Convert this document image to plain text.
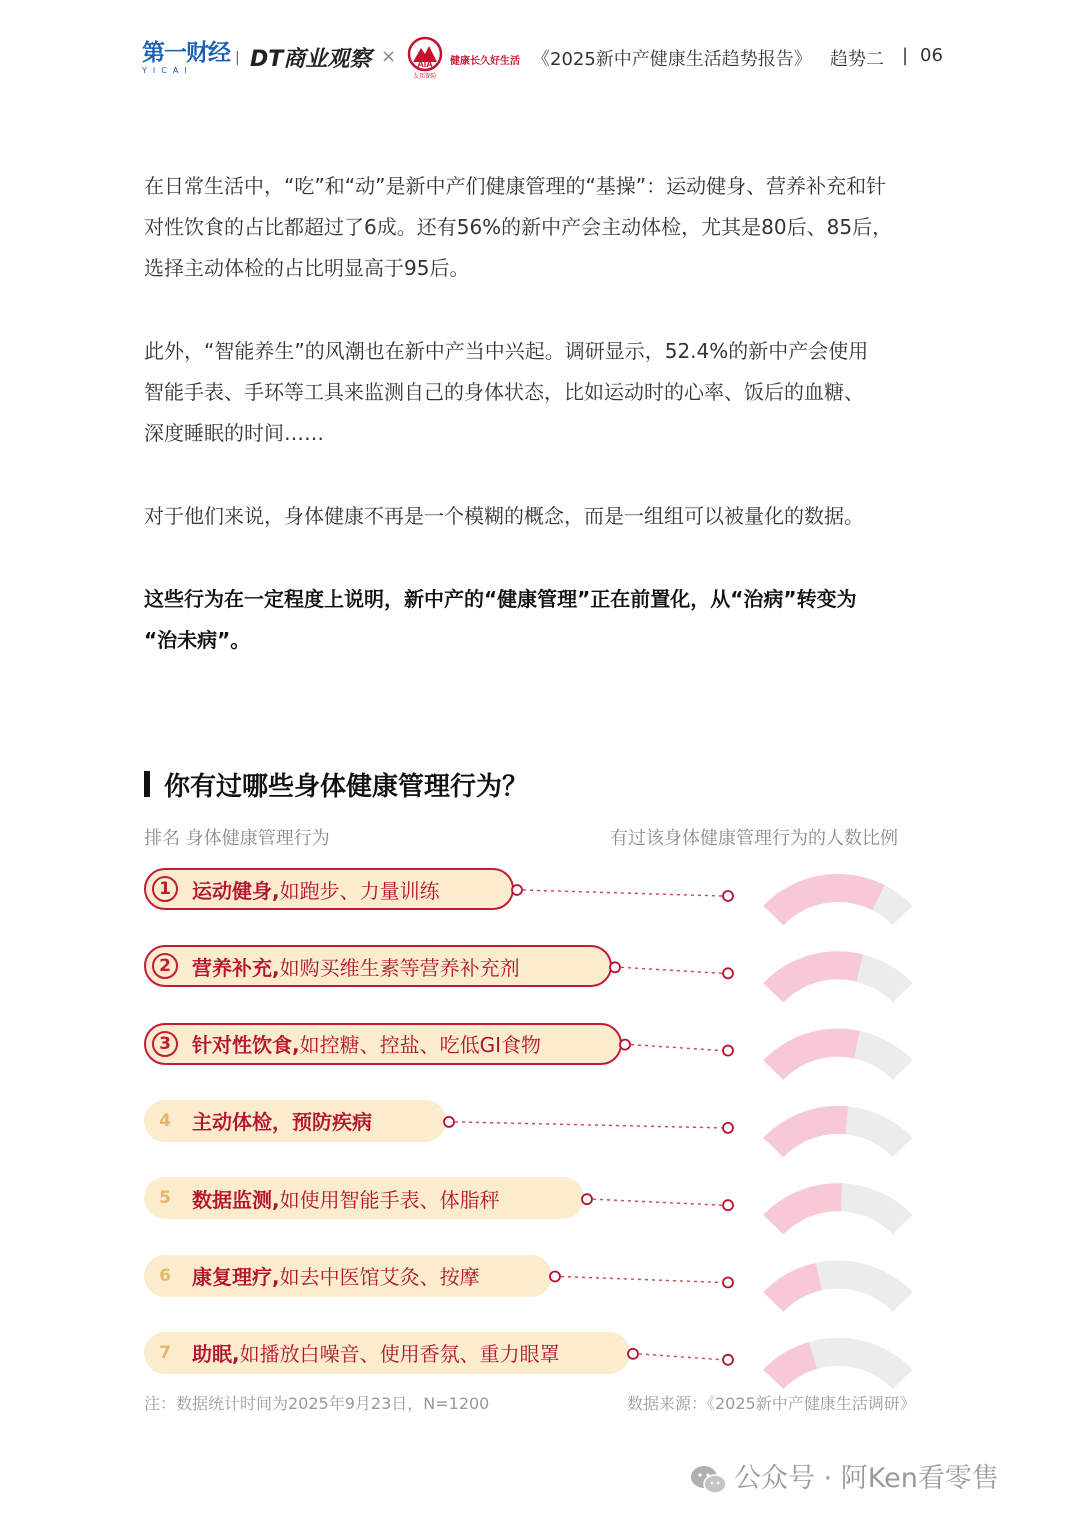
第一财经
YICAI
| DT商业观察 × AIA
友邦保险
健康长久好生活 《2025新中产健康生活趋势报告》 趋势二 | 06
在日常生活中，“吃”和“动”是新中产们健康管理的“基操”：运动健身、营养补充和针
对性饮食的占比都超过了6成。还有56%的新中产会主动体检，尤其是80后、85后，
选择主动体检的占比明显高于95后。
此外，“智能养生”的风潮也在新中产当中兴起。调研显示，52.4%的新中产会使用
智能手表、手环等工具来监测自己的身体状态，比如运动时的心率、饭后的血糖、
深度睡眠的时间……
对于他们来说，身体健康不再是一个模糊的概念，而是一组组可以被量化的数据。
这些行为在一定程度上说明，新中产的“健康管理”正在前置化，从“治病”转变为
“治未病”。
你有过哪些身体健康管理行为？
排名 身体健康管理行为	有过该身体健康管理行为的人数比例
1	运动健身, 如跑步、力量训练	79.0%
2	营养补充, 如购买维生素等营养补充剂	65.2%
3	针对性饮食, 如控糖、控盐、吃低GI食物	63.2%
4	主动体检，预防疾病	56.0%
5	数据监测, 如使用智能手表、体脂秤	52.4%
6	康复理疗, 如去中医馆艾灸、按摩	36.6%
7	助眠, 如播放白噪音、使用香氛、重力眼罩	32.4%
注：数据统计时间为2025年9月23日，N=1200	数据来源：《2025新中产健康生活调研》
公众号 · 阿Ken看零售
